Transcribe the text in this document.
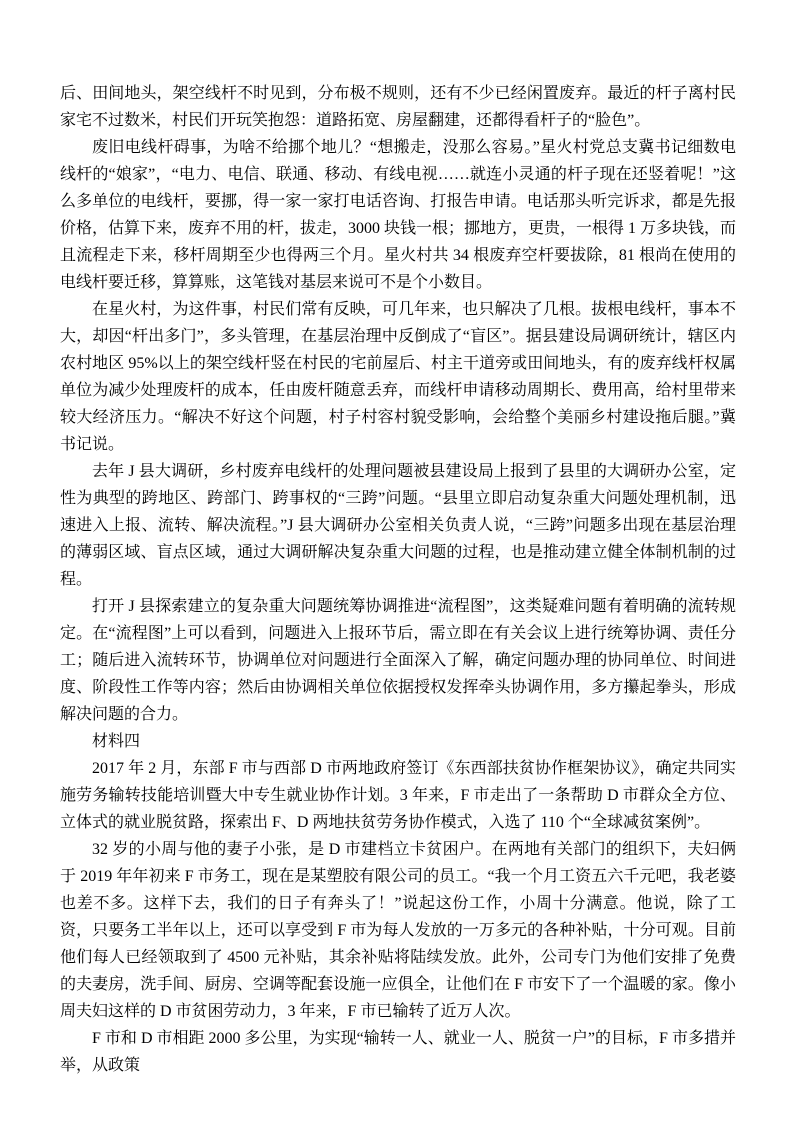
后、田间地头，架空线杆不时见到，分布极不规则，还有不少已经闲置废弃。最近的杆子离村民家宅不过数米，村民们开玩笑抱怨：道路拓宽、房屋翻建，还都得看杆子的“脸色”。

废旧电线杆碍事，为啥不给挪个地儿？“想搬走，没那么容易。”星火村党总支冀书记细数电线杆的“娘家”，“电力、电信、联通、移动、有线电视……就连小灵通的杆子现在还竖着呢！”这么多单位的电线杆，要挪，得一家一家打电话咨询、打报告申请。电话那头听完诉求，都是先报价格，估算下来，废弃不用的杆，拔走，3000 块钱一根；挪地方，更贵，一根得 1 万多块钱，而且流程走下来，移杆周期至少也得两三个月。星火村共 34 根废弃空杆要拔除，81 根尚在使用的电线杆要迁移，算算账，这笔钱对基层来说可不是个小数目。

在星火村，为这件事，村民们常有反映，可几年来，也只解决了几根。拔根电线杆，事本不大，却因“杆出多门”，多头管理，在基层治理中反倒成了“盲区”。据县建设局调研统计，辖区内农村地区 95%以上的架空线杆竖在村民的宅前屋后、村主干道旁或田间地头，有的废弃线杆权属单位为减少处理废杆的成本，任由废杆随意丢弃，而线杆申请移动周期长、费用高，给村里带来较大经济压力。“解决不好这个问题，村子村容村貌受影响，会给整个美丽乡村建设拖后腿。”冀书记说。

去年 J 县大调研，乡村废弃电线杆的处理问题被县建设局上报到了县里的大调研办公室，定性为典型的跨地区、跨部门、跨事权的“三跨”问题。“县里立即启动复杂重大问题处理机制，迅速进入上报、流转、解决流程。”J 县大调研办公室相关负责人说，“三跨”问题多出现在基层治理的薄弱区域、盲点区域，通过大调研解决复杂重大问题的过程，也是推动建立健全体制机制的过程。

打开 J 县探索建立的复杂重大问题统筹协调推进“流程图”，这类疑难问题有着明确的流转规定。在“流程图”上可以看到，问题进入上报环节后，需立即在有关会议上进行统筹协调、责任分工；随后进入流转环节，协调单位对问题进行全面深入了解，确定问题办理的协同单位、时间进度、阶段性工作等内容；然后由协调相关单位依据授权发挥牵头协调作用，多方攥起拳头，形成解决问题的合力。

材料四

2017 年 2 月，东部 F 市与西部 D 市两地政府签订《东西部扶贫协作框架协议》，确定共同实施劳务输转技能培训暨大中专生就业协作计划。3 年来，F 市走出了一条帮助 D 市群众全方位、立体式的就业脱贫路，探索出 F、D 两地扶贫劳务协作模式，入选了 110 个“全球减贫案例”。

32 岁的小周与他的妻子小张，是 D 市建档立卡贫困户。在两地有关部门的组织下，夫妇俩于 2019 年年初来 F 市务工，现在是某塑胶有限公司的员工。“我一个月工资五六千元吧，我老婆也差不多。这样下去，我们的日子有奔头了！”说起这份工作，小周十分满意。他说，除了工资，只要务工半年以上，还可以享受到 F 市为每人发放的一万多元的各种补贴，十分可观。目前他们每人已经领取到了 4500 元补贴，其余补贴将陆续发放。此外，公司专门为他们安排了免费的夫妻房，洗手间、厨房、空调等配套设施一应俱全，让他们在 F 市安下了一个温暖的家。像小周夫妇这样的 D 市贫困劳动力，3 年来，F 市已输转了近万人次。

F 市和 D 市相距 2000 多公里，为实现“输转一人、就业一人、脱贫一户”的目标，F 市多措并举，从政策
